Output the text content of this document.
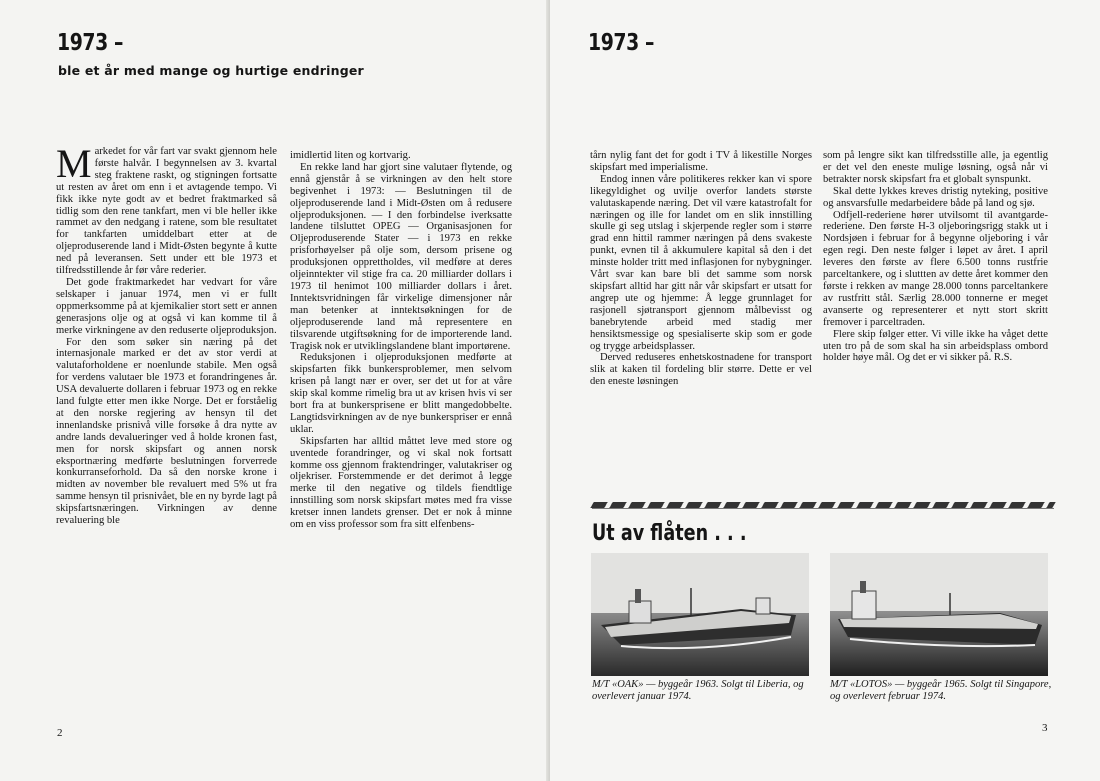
1973 –
ble et år med mange og hurtige endringer

Markedet for vår fart var svakt gjennom hele første halvår. I begynnelsen av 3. kvartal steg fraktene raskt, og stigningen fortsatte ut resten av året om enn i et avtagende tempo. Vi fikk ikke nyte godt av et bedret fraktmarked så tidlig som den rene tankfart, men vi ble heller ikke rammet av den nedgang i ratene, som ble resultatet for tankfarten umiddelbart etter at de oljeproduserende land i Midt-Østen begynte å kutte ned på leveransen. Sett under ett ble 1973 et tilfredsstillende år før våre rederier.

Det gode fraktmarkedet har vedvart for våre selskaper i januar 1974, men vi er fullt oppmerksomme på at kjemikalier stort sett er annen generasjons olje og at også vi kan komme til å merke virkningene av den reduserte oljeproduksjon.

For den som søker sin næring på det internasjonale marked er det av stor verdi at valutaforholdene er noenlunde stabile. Men også for verdens valutaer ble 1973 et forandringenes år. USA devaluerte dollaren i februar 1973 og en rekke land fulgte etter men ikke Norge. Det er forståelig at den norske regjering av hensyn til det innenlandske prisnivå ville forsøke å dra nytte av andre lands devalueringer ved å holde kronen fast, men for norsk skipsfart og annen norsk eksportnæring medførte beslutningen forverrede konkurranseforhold. Da så den norske krone i midten av november ble revaluert med 5% ut fra samme hensyn til prisnivået, ble en ny byrde lagt på skipsfartsnæringen. Virkningen av denne revaluering ble

imidlertid liten og kortvarig.

En rekke land har gjort sine valutaer flytende, og ennå gjenstår å se virkningen av den helt store begivenhet i 1973: — Beslutningen til de oljeproduserende land i Midt-Østen om å redusere oljeproduksjonen. — I den forbindelse iverksatte landene tilsluttet OPEG — Organisasjonen for Oljeproduserende Stater — i 1973 en rekke prisforhøyelser på olje som, dersom prisene og produksjonen opprettholdes, vil medføre at deres oljeinntekter vil stige fra ca. 20 milliarder dollars i 1973 til henimot 100 milliarder dollars i året. Inntektsvridningen får virkelige dimensjoner når man betenker at inntektsøkningen for de oljeproduserende land må representere en tilsvarende utgiftsøkning for de importerende land. Tragisk nok er utviklingslandene blant importørene.

Reduksjonen i oljeproduksjonen medførte at skipsfarten fikk bunkersproblemer, men selvom krisen på langt nær er over, ser det ut for at våre skip skal komme rimelig bra ut av krisen hvis vi ser bort fra at bunkersprisene er blitt mangedobbelte. Langtidsvirkningen av de nye bunkerspriser er ennå uklar.

Skipsfarten har alltid måttet leve med store og uventede forandringer, og vi skal nok fortsatt komme oss gjennom fraktendringer, valutakriser og oljekriser. Forstemmende er det derimot å legge merke til den negative og tildels fiendtlige innstilling som norsk skipsfart møtes med fra visse kretser innen landets grenser. Det er nok å minne om en viss professor som fra sitt elfenbens-

2
1973 –

tårn nylig fant det for godt i TV å likestille Norges skipsfart med imperialisme.

Endog innen våre politikeres rekker kan vi spore likegyldighet og uvilje overfor landets største valutaskapende næring. Det vil være katastrofalt for næringen og ille for landet om en slik innstilling skulle gi seg utslag i skjerpende regler som i større grad enn hittil rammer næringen på dens svakeste punkt, evnen til å akkumulere kapital så den i det minste holder tritt med inflasjonen for nybygninger. Vårt svar kan bare bli det samme som norsk skipsfart alltid har gitt når vår skipsfart er utsatt for angrep ute og hjemme: Å legge grunnlaget for rasjonell sjøtransport gjennom målbevisst og banebrytende arbeid med stadig mer hensiktsmessige og spesialiserte skip som er gode og trygge arbeidsplasser.

Derved reduseres enhetskostnadene for transport slik at kaken til fordeling blir større. Dette er vel den eneste løsningen

som på lengre sikt kan tilfredsstille alle, ja egentlig er det vel den eneste mulige løsning, også når vi betrakter norsk skipsfart fra et globalt synspunkt.

Skal dette lykkes kreves dristig nyteking, positive og ansvarsfulle medarbeidere både på land og sjø.

Odfjell-rederiene hører utvilsomt til avantgarde-rederiene. Den første H-3 oljeboringsrigg stakk ut i Nordsjøen i februar for å begynne oljeboring i vår egen regi. Den neste følger i løpet av året. I april leveres den første av flere 6.500 tonns rustfrie parceltankere, og i sluttten av dette året kommer den første i rekken av mange 28.000 tonns parceltankere av rustfritt stål. Særlig 28.000 tonnerne er meget avanserte og representerer et nytt stort skritt fremover i parceltraden.

Flere skip følger etter. Vi ville ikke ha våget dette uten tro på de som skal ha sin arbeidsplass ombord holder høye mål. Og det er vi sikker på. R.S.

3
Ut av flåten . . .
M/T «OAK» — byggeår 1963. Solgt til Liberia, og overlevert januar 1974.
M/T «LOTOS» — byggeår 1965. Solgt til Singapore, og overlevert februar 1974.
